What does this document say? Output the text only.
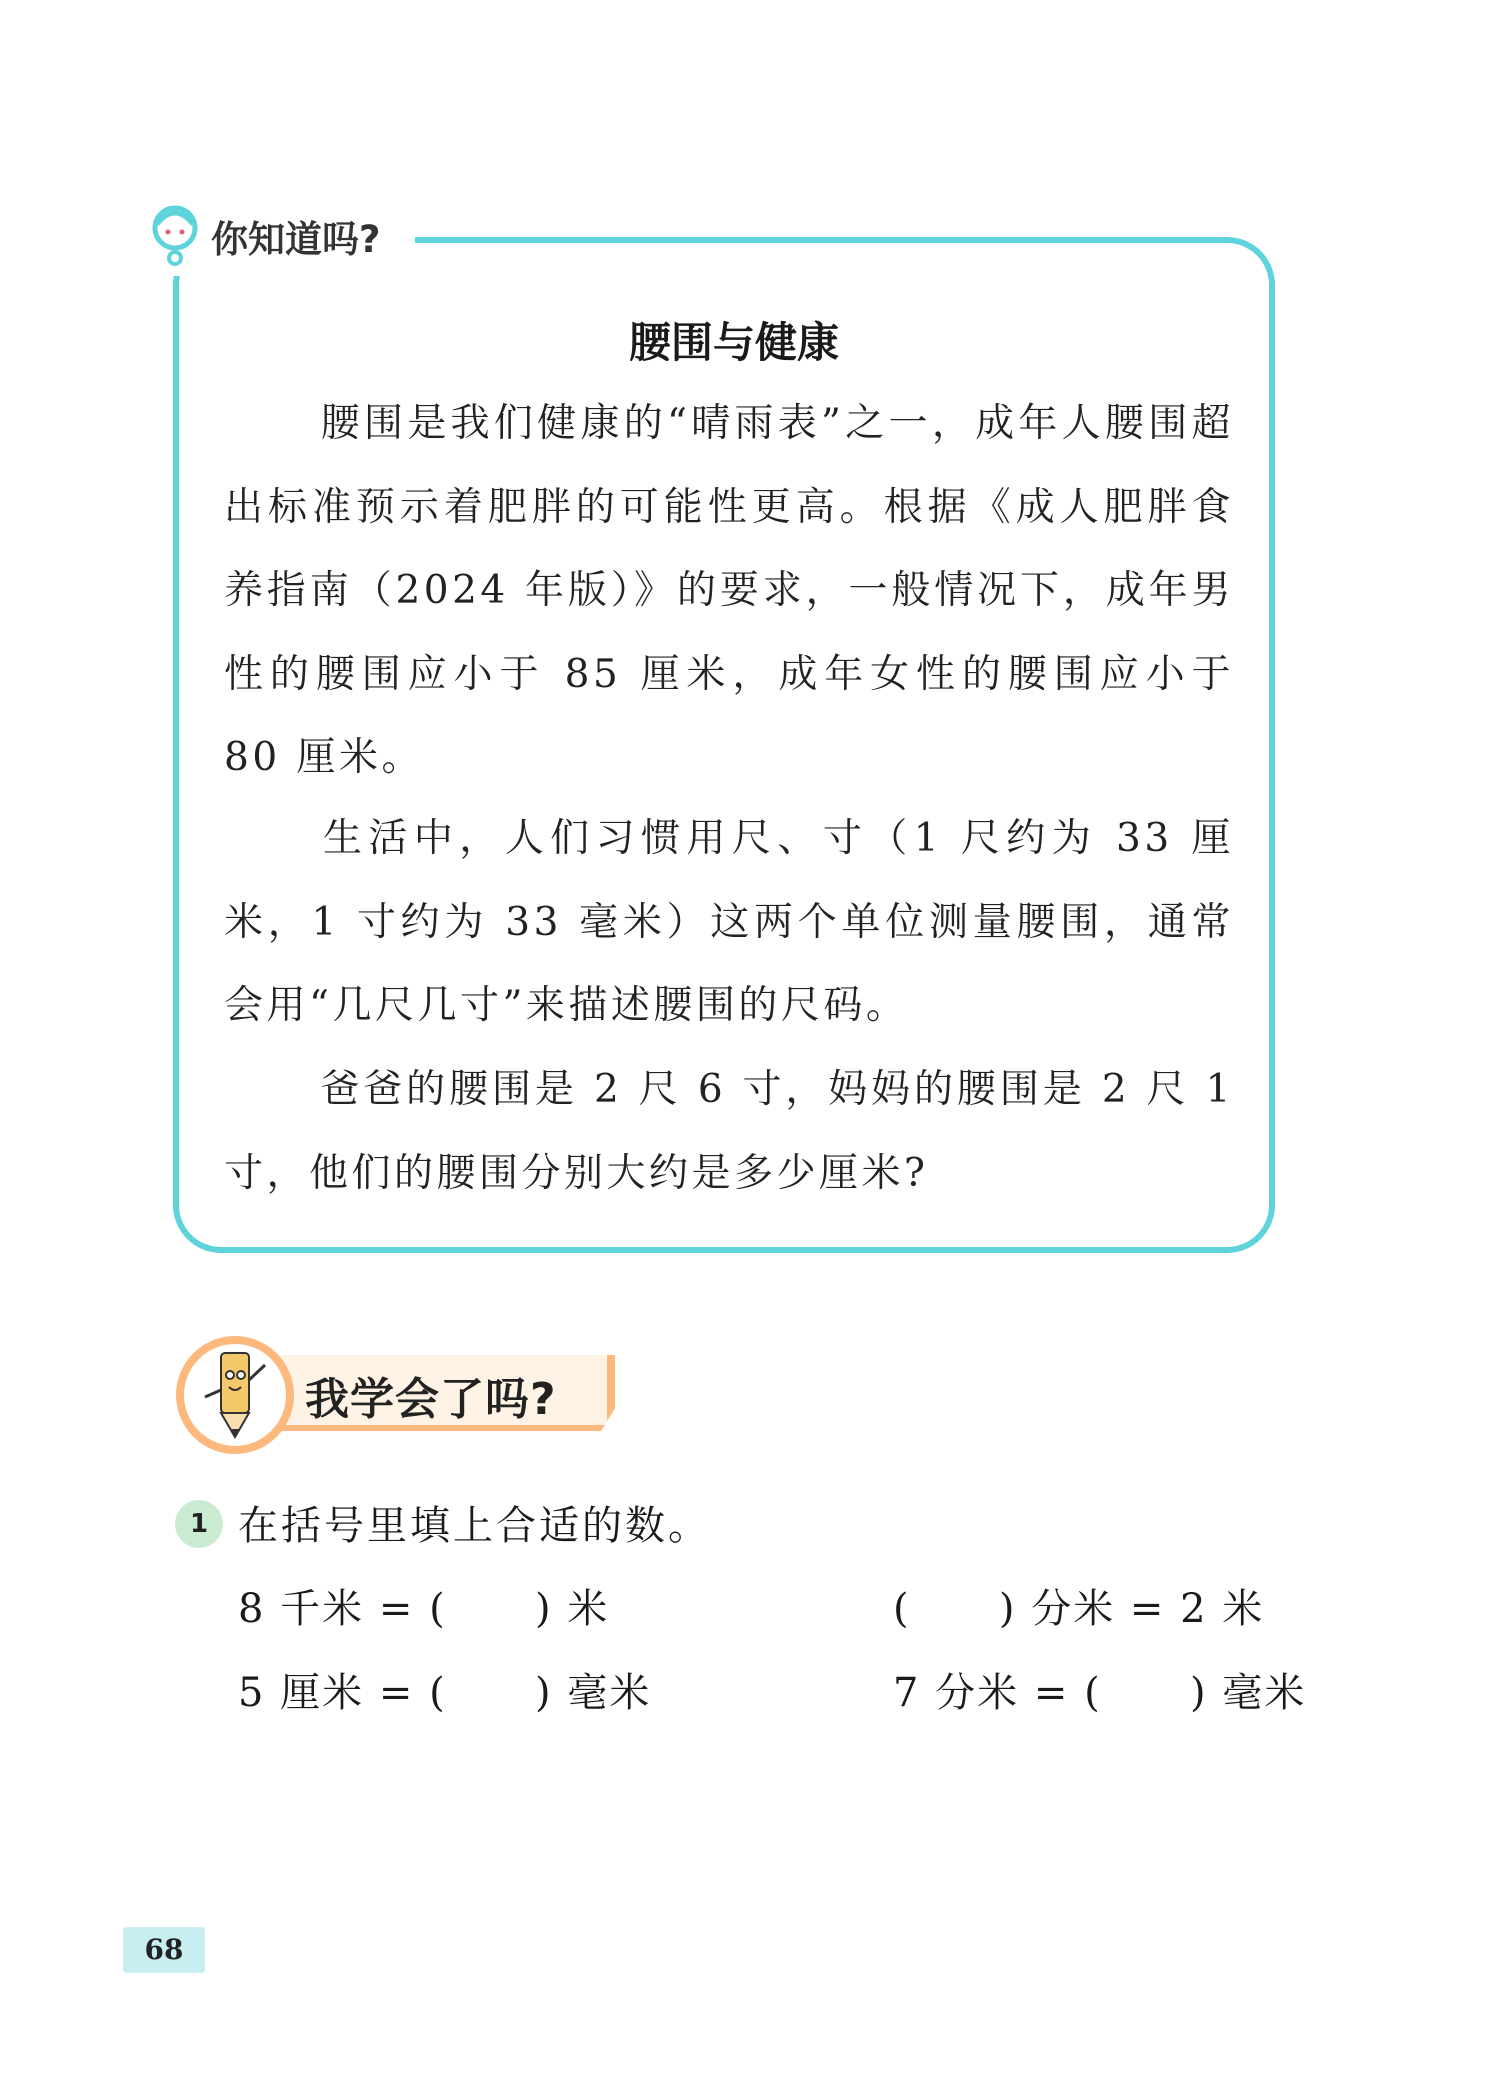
你知道吗?
腰围与健康
腰围是我们健康的“晴雨表”之一，成年人腰围超出标准预示着肥胖的可能性更高。根据《成人肥胖食养指南（2024 年版）》的要求，一般情况下，成年男性的腰围应小于 85 厘米，成年女性的腰围应小于 80 厘米。
生活中，人们习惯用尺、寸（1 尺约为 33 厘米，1 寸约为 33 毫米）这两个单位测量腰围，通常会用“几尺几寸”来描述腰围的尺码。
爸爸的腰围是 2 尺 6 寸，妈妈的腰围是 2 尺 1 寸，他们的腰围分别大约是多少厘米?
我学会了吗?
1 在括号里填上合适的数。
8 千米 = (      ) 米	(      ) 分米 = 2 米
5 厘米 = (      ) 毫米	7 分米 = (      ) 毫米
68
